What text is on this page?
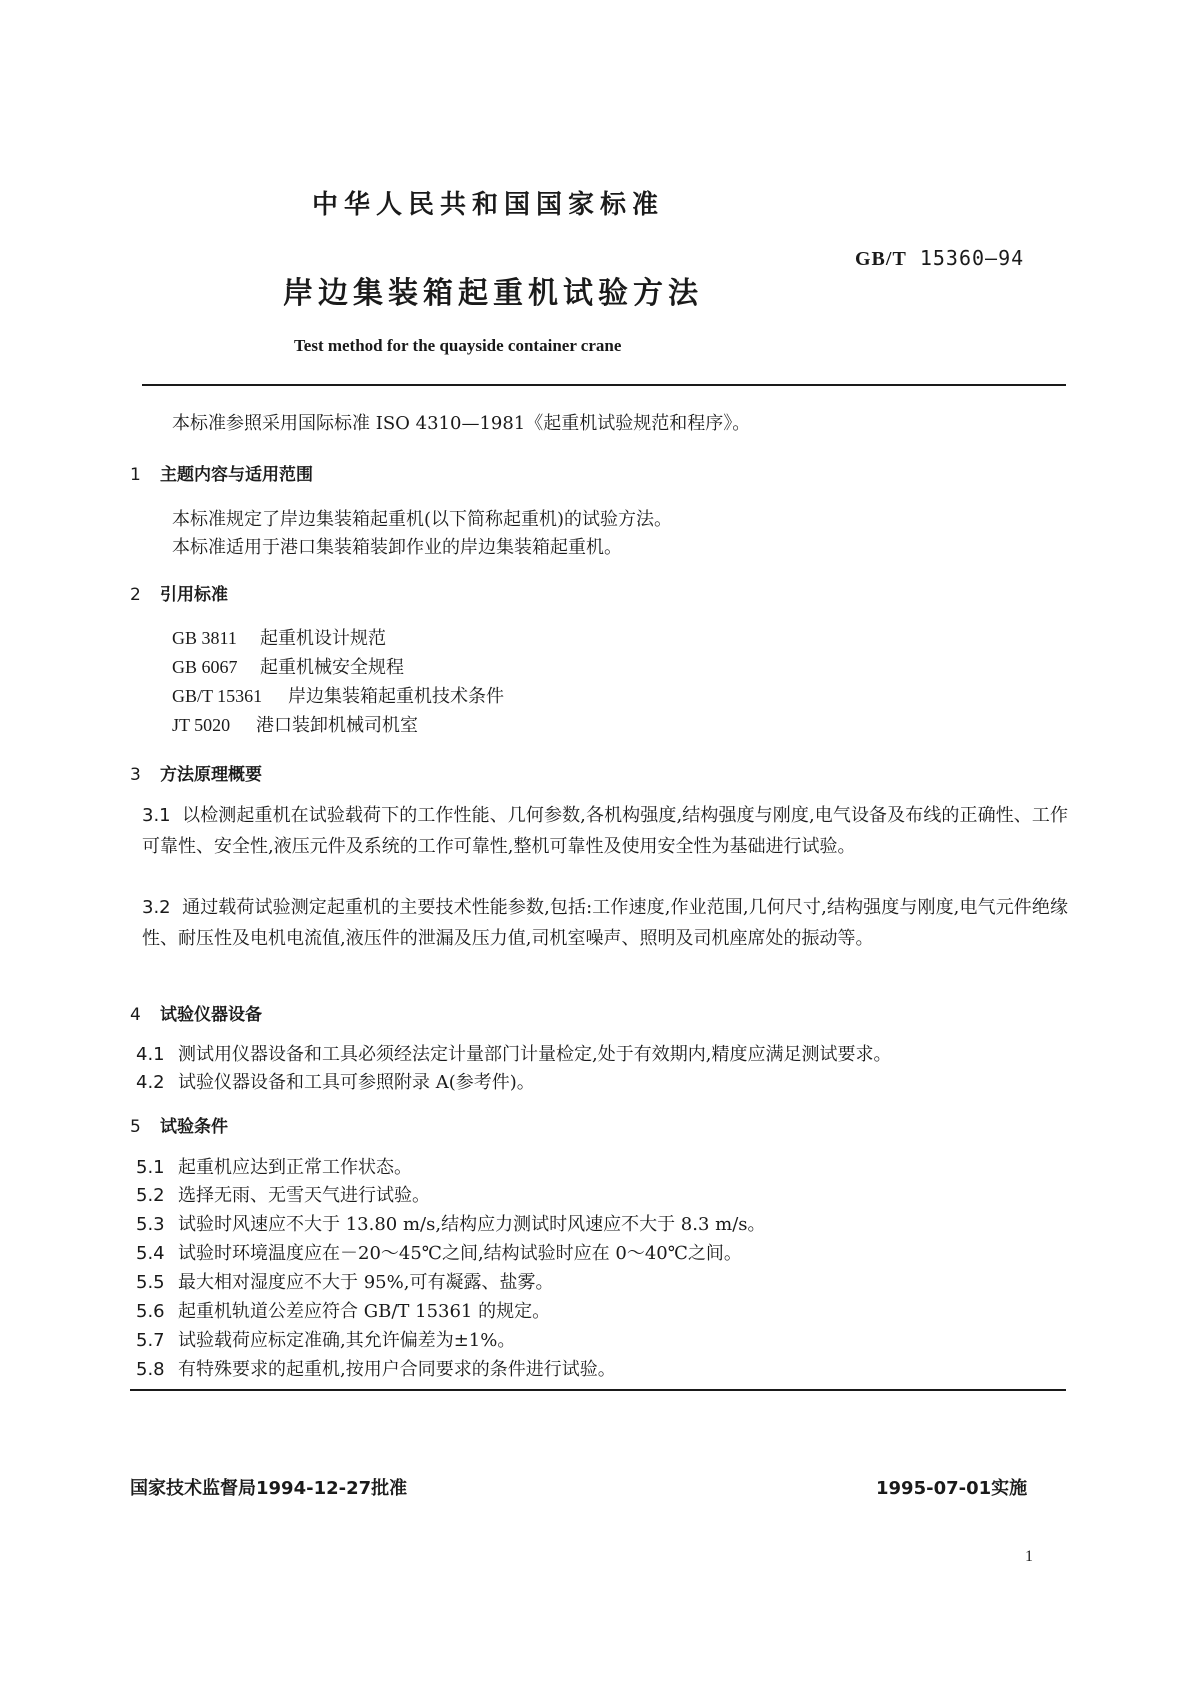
中华人民共和国国家标准
GB/T 15360—94
岸边集装箱起重机试验方法
Test method for the quayside container crane
本标准参照采用国际标准 ISO 4310—1981《起重机试验规范和程序》。
1 主题内容与适用范围
本标准规定了岸边集装箱起重机(以下简称起重机)的试验方法。
本标准适用于港口集装箱装卸作业的岸边集装箱起重机。
2 引用标准
GB 3811 起重机设计规范
GB 6067 起重机械安全规程
GB/T 15361 岸边集装箱起重机技术条件
JT 5020 港口装卸机械司机室
3 方法原理概要
3.1 以检测起重机在试验载荷下的工作性能、几何参数,各机构强度,结构强度与刚度,电气设备及布线的正确性、工作可靠性、安全性,液压元件及系统的工作可靠性,整机可靠性及使用安全性为基础进行试验。
3.2 通过载荷试验测定起重机的主要技术性能参数,包括:工作速度,作业范围,几何尺寸,结构强度与刚度,电气元件绝缘性、耐压性及电机电流值,液压件的泄漏及压力值,司机室噪声、照明及司机座席处的振动等。
4 试验仪器设备
4.1 测试用仪器设备和工具必须经法定计量部门计量检定,处于有效期内,精度应满足测试要求。
4.2 试验仪器设备和工具可参照附录 A(参考件)。
5 试验条件
5.1 起重机应达到正常工作状态。
5.2 选择无雨、无雪天气进行试验。
5.3 试验时风速应不大于 13.80 m/s,结构应力测试时风速应不大于 8.3 m/s。
5.4 试验时环境温度应在－20～45℃之间,结构试验时应在 0～40℃之间。
5.5 最大相对湿度应不大于 95%,可有凝露、盐雾。
5.6 起重机轨道公差应符合 GB/T 15361 的规定。
5.7 试验载荷应标定准确,其允许偏差为±1%。
5.8 有特殊要求的起重机,按用户合同要求的条件进行试验。
国家技术监督局1994-12-27批准	1995-07-01实施
1
